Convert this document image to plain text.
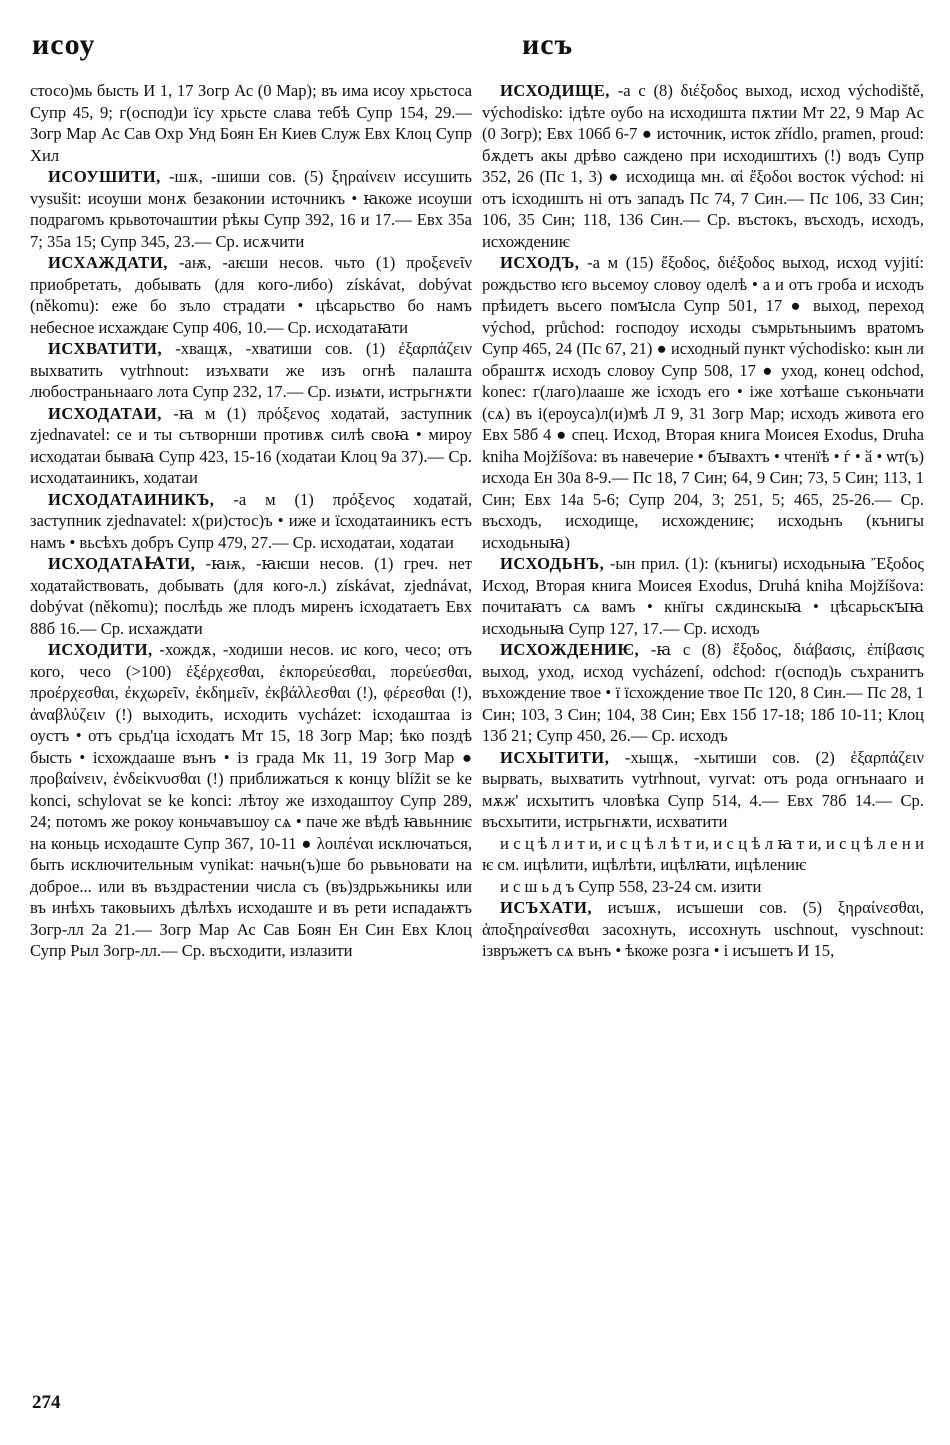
исоу	исъ

стосо)мь бысть И 1, 17 Зогр Ас (0 Мар); въ има исоу хрьстоса Супр 45, 9; г(оспод)и їсу хрьсте слава тебѣ Супр 154, 29.— Зогр Мар Ас Сав Охр Унд Боян Ен Киев Служ Евх Клоц Супр Хил

ИСОУШИТИ, -шѫ, -шиши сов. (5) ξηραίνειν иссушить vysušit: исоуши монѫ безаконии источникъ • ꙗкоже исоуши подрагомъ крьвоточаштии рѣкы Супр 392, 16 и 17.— Евх 35а 7; 35а 15; Супр 345, 23.— Ср. исѫчити

ИСХАЖДАТИ, -аѭ, -аѥши несов. чьто (1) προξενεῖν приобретать, добывать (для кого-либо) získávat, dobývat (někomu): еже бо зъло страдати • цѣсарьство бо намъ небесное исхаждаѥ Супр 406, 10.— Ср. исходатаꙗти

ИСХВАТИТИ, -хващѫ, -хватиши сов. (1) ἐξαρπάζειν выхватить vytrhnout: изъхвати же изъ огнѣ палашта любостраньнааго лота Супр 232, 17.— Ср. изѩти, истрьгнѫти

ИСХОДАТАИ, -ꙗ м (1) πρόξενος ходатай, заступник zjednavatel: се и ты сътворнши противѫ силѣ своꙗ • мироу исходатаи бываꙗ Супр 423, 15-16 (ходатаи Клоц 9а 37).— Ср. исходатаиникъ, ходатаи

ИСХОДАТАИНИКЪ, -а м (1) πρόξενος ходатай, заступник zjednavatel: х(ри)стос)ъ • иже и їсходатаиникъ естъ намъ • вьсѣхъ добръ Супр 479, 27.— Ср. исходатаи, ходатаи

ИСХОДАТАꙖТИ, -ꙗѭ, -ꙗѥши несов. (1) греч. нет ходатайствовать, добывать (для кого-л.) získávat, zjednávat, dobývat (někomu); послѣдь же плодъ миренъ ісходатаетъ Евх 88б 16.— Ср. исхаждати

ИСХОДИТИ, -хождѫ, -ходиши несов. ис кого, чесо; отъ кого, чесо (>100) ἐξέρχεσθαι, ἐκπορεύεσθαι, πορεύεσθαι, προέρχεσθαι, ἐκχωρεῖν, ἐκδημεῖν, ἐκβάλλεσθαι (!), φέρεσθαι (!), ἀναβλύζειν (!) выходить, исходить vycházet: ісходаштаа із оустъ • отъ срьд'ца ісходатъ Мт 15, 18 Зогр Мар; ѣко поздѣ бысть • ісхождааше вънъ • із града Мк 11, 19 Зогр Мар ● προβαίνειν, ἐνδείκνυσθαι (!) приближаться к концу blížit se ke konci, schylovat se ke konci: лѣтоу же изходаштоу Супр 289, 24; потомъ же рокоу коньчавъшоу сѧ • паче же вѣдѣ ꙗвьнниѥ на коньць исходаште Супр 367, 10-11 ● λοιπέναι исключаться, быть исключительным vynikat: начьн(ъ)ше бо рьвьновати на доброе... или въ въздрастении числа съ (въ)здрьжьникы или въ инѣхъ таковыихъ дѣлѣхъ исходаште и въ рети испадаѭтъ Зогр-лл 2а 21.— Зогр Мар Ас Сав Боян Ен Син Евх Клоц Супр Рыл Зогр-лл.— Ср. въсходити, излазити

ИСХОДИЩЕ, -а с (8) διέξοδος выход, исход východiště, východisko: ідѣте оубо на исходишта пѫтии Мт 22, 9 Мар Ас (0 Зогр); Евх 106б 6-7 ● источник, исток zřídlo, pramen, proud: бѫдетъ акы дрѣво саждено при исходиштихъ (!) водъ Супр 352, 26 (Пс 1, 3) ● исходища мн. αἱ ἔξοδοι восток východ: ні отъ ісходишть ні отъ западъ Пс 74, 7 Син.— Пс 106, 33 Син; 106, 35 Син; 118, 136 Син.— Ср. въстокъ, въсходъ, исходъ, исхождениѥ

ИСХОДЪ, -а м (15) ἔξοδος, διέξοδος выход, исход vyjití: рождьство ѥго вьсемоу словоу оделѣ • а и отъ гроба и исходъ прѣидетъ вьсего помꙑсла Супр 501, 17 ● выход, переход východ, průchod: господоу исходы съмрьтьныимъ вратомъ Супр 465, 24 (Пс 67, 21) ● исходный пункт východisko: кын ли обраштѫ исходъ словоу Супр 508, 17 ● уход, конец odchod, konec: г(лаго)лааше же ісходъ его • іже хотѣаше съконьчати (сѧ) въ і(ероуса)л(и)мѣ Л 9, 31 Зогр Мар; исходъ живота его Евх 58б 4 ● спец. Исход, Вторая книга Моисея Exodus, Druha kniha Mojžíšova: въ навечерие • бꙑвахтъ • чтенїѣ • ѓ • ӑ • ѡт(ъ) исхода Ен 30а 8-9.— Пс 18, 7 Син; 64, 9 Син; 73, 5 Син; 113, 1 Син; Евх 14а 5-6; Супр 204, 3; 251, 5; 465, 25-26.— Ср. въсходъ, исходище, исхождениѥ; исходьнъ (кънигы исходьныꙗ)

ИСХОДЬНЪ, -ын прил. (1): (кънигы) исходьныꙗ Ἔξοδος Исход, Вторая книга Моисея Exodus, Druhá kniha Mojžíšova: почитаꙗтъ сѧ вамъ • кнїгы сѫдинскыꙗ • цѣсарьскꙑꙗ исходьныꙗ Супр 127, 17.— Ср. исходъ

ИСХОЖДЕНИѤ, -ꙗ с (8) ἔξοδος, διάβασις, ἐπίβασις выход, уход, исход vycházení, odchod: г(оспод)ь съхранитъ въхождение твое • ї їсхождение твое Пс 120, 8 Син.— Пс 28, 1 Син; 103, 3 Син; 104, 38 Син; Евх 15б 17-18; 18б 10-11; Клоц 13б 21; Супр 450, 26.— Ср. исходъ

ИСХЫТИТИ, -хыщѫ, -хытиши сов. (2) ἐξαρπάζειν вырвать, выхватить vytrhnout, vyrvat: отъ рода огнънааго и мѫж' исхытитъ чловѣка Супр 514, 4.— Евх 78б 14.— Ср. въсхытити, истрьгнѫти, исхватити

и с ц ѣ л и т и, и с ц ѣ л ѣ т и, и с ц ѣ л ꙗ т и, и с ц ѣ л е н и ѥ см. ицѣлити, ицѣлѣти, ицѣлꙗти, ицѣлениѥ

и с ш ь д ъ Супр 558, 23-24 см. изити

ИСЪХАТИ, исъшѫ, исъшеши сов. (5) ξηραίνεσθαι, ἀποξηραίνεσθαι засохнуть, иссохнуть uschnout, vyschnout: ізвръжетъ сѧ вънъ • ѣкоже розга • і исъшетъ И 15,

274
